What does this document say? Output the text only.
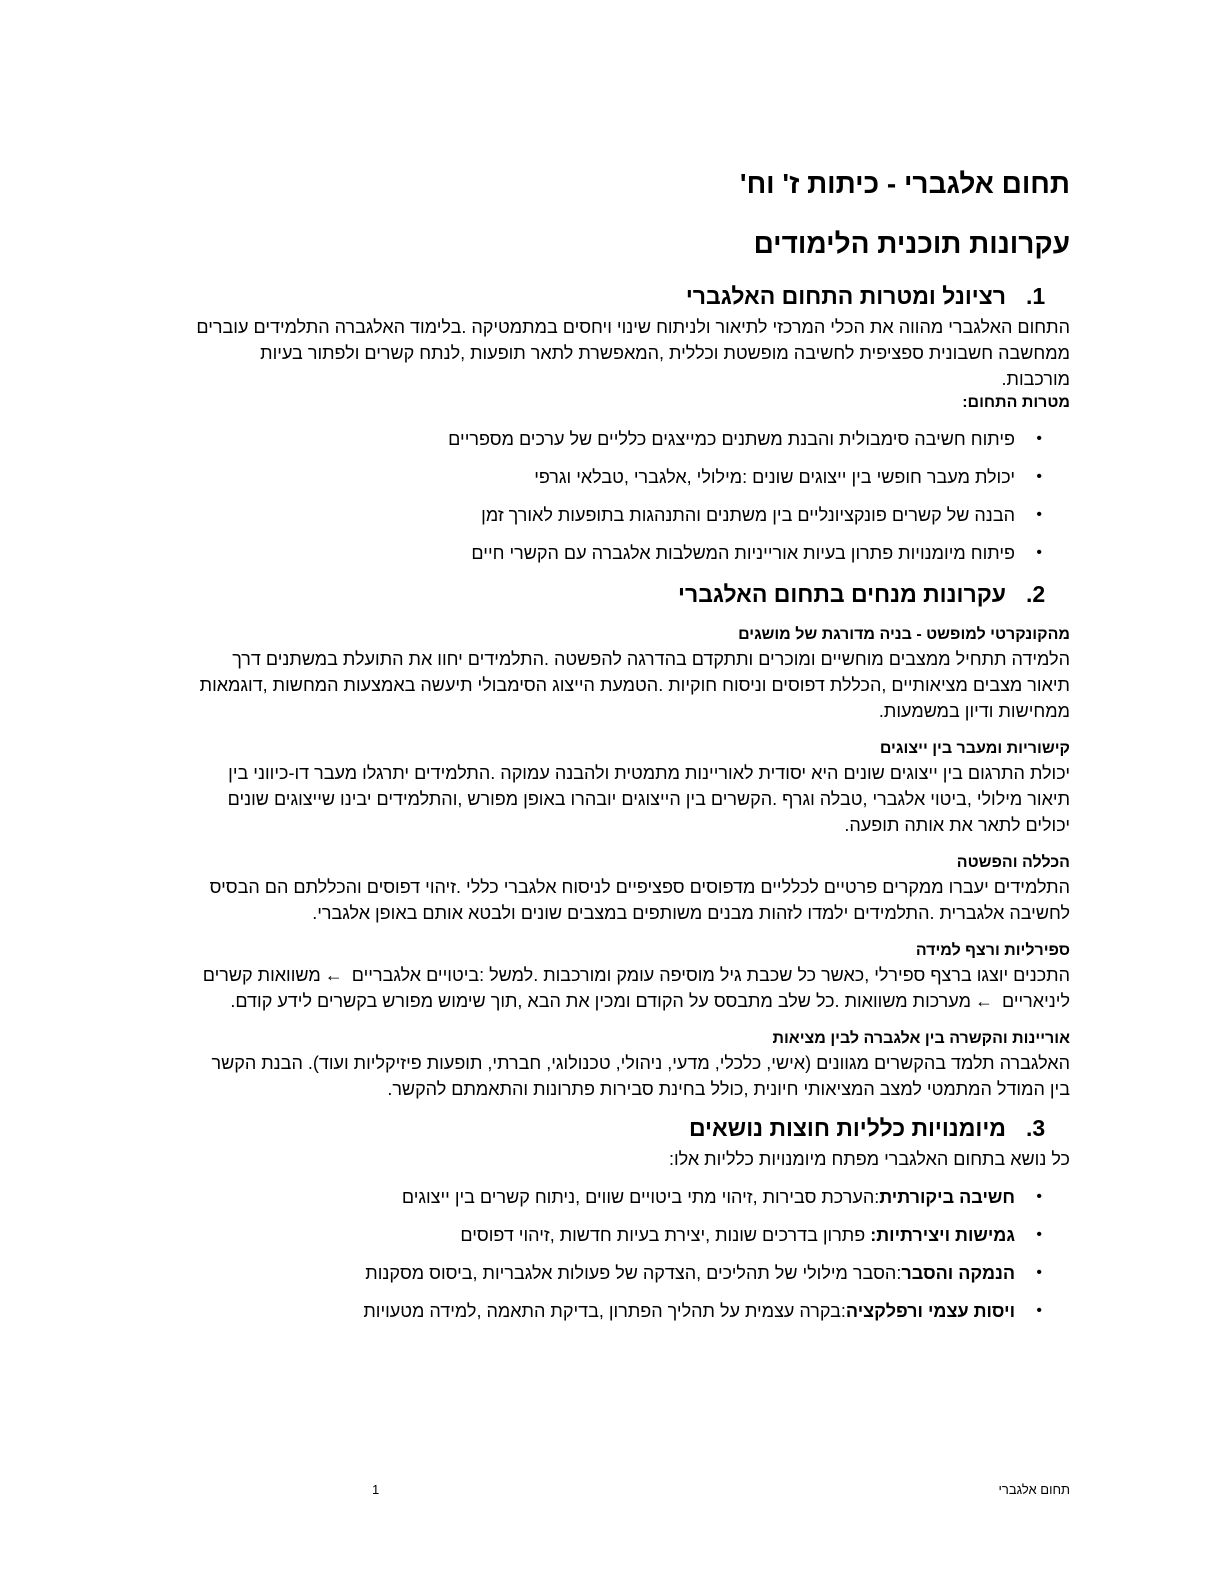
תחום אלגברי - כיתות ז' וח'
עקרונות תוכנית הלימודים
1.
רציונל ומטרות התחום האלגברי

התחום האלגברי מהווה את הכלי המרכזי לתיאור ולניתוח שינוי ויחסים במתמטיקה .בלימוד האלגברה התלמידים עוברים
ממחשבה חשבונית ספציפית לחשיבה מופשטת וכללית ,המאפשרת לתאר תופעות ,לנתח קשרים ולפתור בעיות
מורכבות.

מטרות התחום:

•
פיתוח חשיבה סימבולית והבנת משתנים כמייצגים כלליים של ערכים מספריים
•
יכולת מעבר חופשי בין ייצוגים שונים :מילולי ,אלגברי ,טבלאי וגרפי
•
הבנה של קשרים פונקציונליים בין משתנים והתנהגות בתופעות לאורך זמן
•
פיתוח מיומנויות פתרון בעיות אורייניות המשלבות אלגברה עם הקשרי חיים
2.
עקרונות מנחים בתחום האלגברי

מהקונקרטי למופשט - בניה מדורגת של מושגים

הלמידה תתחיל ממצבים מוחשיים ומוכרים ותתקדם בהדרגה להפשטה .התלמידים יחוו את התועלת במשתנים דרך
תיאור מצבים מציאותיים ,הכללת דפוסים וניסוח חוקיות .הטמעת הייצוג הסימבולי תיעשה באמצעות המחשות ,דוגמאות
ממחישות ודיון במשמעות.

קישוריות ומעבר בין ייצוגים

יכולת התרגום בין ייצוגים שונים היא יסודית לאוריינות מתמטית ולהבנה עמוקה .התלמידים יתרגלו מעבר דו-כיווני בין
תיאור מילולי ,ביטוי אלגברי ,טבלה וגרף .הקשרים בין הייצוגים יובהרו באופן מפורש ,והתלמידים יבינו שייצוגים שונים
יכולים לתאר את אותה תופעה.

הכללה והפשטה

התלמידים יעברו ממקרים פרטיים לכלליים מדפוסים ספציפיים לניסוח אלגברי כללי .זיהוי דפוסים והכללתם הם הבסיס
לחשיבה אלגברית .התלמידים ילמדו לזהות מבנים משותפים במצבים שונים ולבטא אותם באופן אלגברי.

ספירליות ורצף למידה

התכנים יוצגו ברצף ספירלי ,כאשר כל שכבת גיל מוסיפה עומק ומורכבות .למשל :ביטויים אלגבריים ←משוואות קשרים
ליניאריים ←מערכות משוואות .כל שלב מתבסס על הקודם ומכין את הבא ,תוך שימוש מפורש בקשרים לידע קודם.

אוריינות והקשרה בין אלגברה לבין מציאות

האלגברה תלמד בהקשרים מגוונים (אישי, כלכלי, מדעי, ניהולי, טכנולוגי, חברתי, תופעות פיזיקליות ועוד). הבנת הקשר
בין המודל המתמטי למצב המציאותי חיונית ,כולל בחינת סבירות פתרונות והתאמתם להקשר.

3.
מיומנויות כלליות חוצות נושאים

כל נושא בתחום האלגברי מפתח מיומנויות כלליות אלו:

•
חשיבה ביקורתית:הערכת סבירות ,זיהוי מתי ביטויים שווים ,ניתוח קשרים בין ייצוגים
•
גמישות ויצירתיות: פתרון בדרכים שונות ,יצירת בעיות חדשות ,זיהוי דפוסים
•
הנמקה והסבר:הסבר מילולי של תהליכים ,הצדקה של פעולות אלגבריות ,ביסוס מסקנות
•
ויסות עצמי ורפלקציה:בקרה עצמית על תהליך הפתרון ,בדיקת התאמה ,למידה מטעויות
1	תחום אלגברי
